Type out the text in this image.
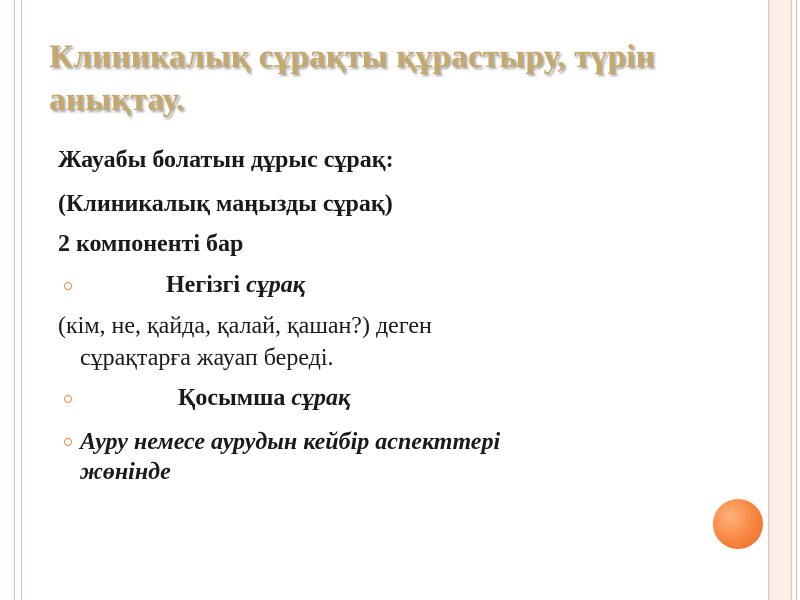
Клиникалық сұрақты құрастыру, түрін анықтау.
Жауабы болатын дұрыс сұрақ:
(Клиникалық маңызды сұрақ)
2 компоненті бар
Негізгі сұрақ
(кім, не, қайда, қалай, қашан?) деген
сұрақтарға жауап береді.
Қосымша сұрақ
Ауру немесе аурудын кейбір аспекттері
жөнінде
